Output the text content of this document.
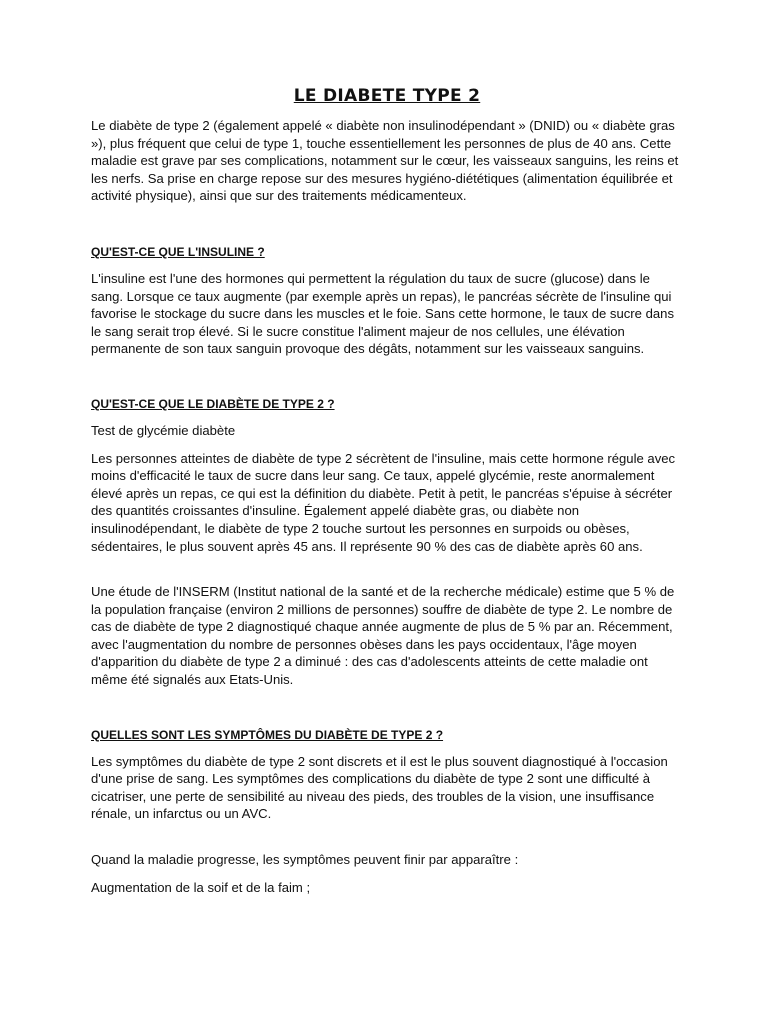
LE DIABETE TYPE 2

Le diabète de type 2 (également appelé « diabète non insulinodépendant » (DNID) ou « diabète gras »), plus fréquent que celui de type 1, touche essentiellement les personnes de plus de 40 ans. Cette maladie est grave par ses complications, notamment sur le cœur, les vaisseaux sanguins, les reins et les nerfs. Sa prise en charge repose sur des mesures hygiéno-diététiques (alimentation équilibrée et activité physique), ainsi que sur des traitements médicamenteux.

QU'EST-CE QUE L'INSULINE ?

L'insuline est l'une des hormones qui permettent la régulation du taux de sucre (glucose) dans le sang. Lorsque ce taux augmente (par exemple après un repas), le pancréas sécrète de l'insuline qui favorise le stockage du sucre dans les muscles et le foie. Sans cette hormone, le taux de sucre dans le sang serait trop élevé. Si le sucre constitue l'aliment majeur de nos cellules, une élévation permanente de son taux sanguin provoque des dégâts, notamment sur les vaisseaux sanguins.

QU'EST-CE QUE LE DIABÈTE DE TYPE 2 ?

Test de glycémie diabète

Les personnes atteintes de diabète de type 2 sécrètent de l'insuline, mais cette hormone régule avec moins d'efficacité le taux de sucre dans leur sang. Ce taux, appelé glycémie, reste anormalement élevé après un repas, ce qui est la définition du diabète. Petit à petit, le pancréas s'épuise à sécréter des quantités croissantes d'insuline. Également appelé diabète gras, ou diabète non insulinodépendant, le diabète de type 2 touche surtout les personnes en surpoids ou obèses, sédentaires, le plus souvent après 45 ans. Il représente 90 % des cas de diabète après 60 ans.

Une étude de l'INSERM (Institut national de la santé et de la recherche médicale) estime que 5 % de la population française (environ 2 millions de personnes) souffre de diabète de type 2. Le nombre de cas de diabète de type 2 diagnostiqué chaque année augmente de plus de 5 % par an. Récemment, avec l'augmentation du nombre de personnes obèses dans les pays occidentaux, l'âge moyen d'apparition du diabète de type 2 a diminué : des cas d'adolescents atteints de cette maladie ont même été signalés aux Etats-Unis.

QUELLES SONT LES SYMPTÔMES DU DIABÈTE DE TYPE 2 ?

Les symptômes du diabète de type 2 sont discrets et il est le plus souvent diagnostiqué à l'occasion d'une prise de sang. Les symptômes des complications du diabète de type 2 sont une difficulté à cicatriser, une perte de sensibilité au niveau des pieds, des troubles de la vision, une insuffisance rénale, un infarctus ou un AVC.

Quand la maladie progresse, les symptômes peuvent finir par apparaître :

Augmentation de la soif et de la faim ;
